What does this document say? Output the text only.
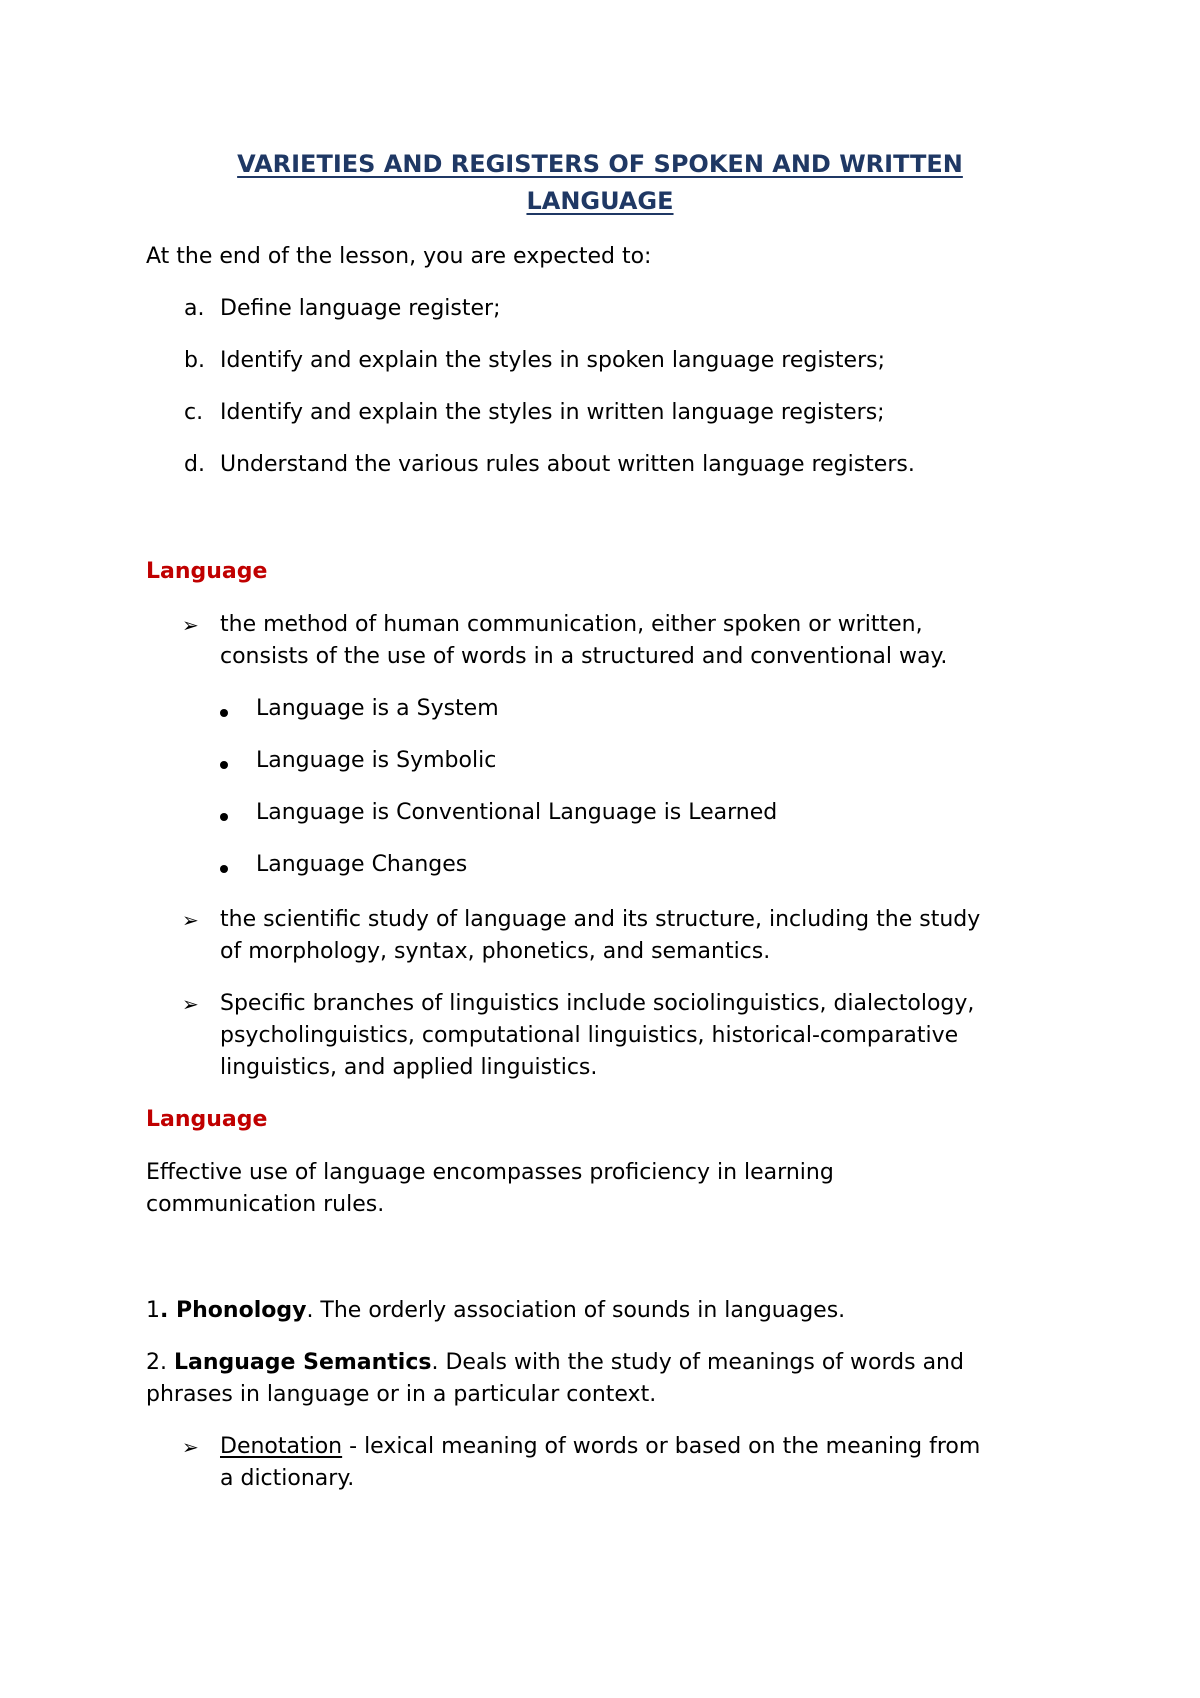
VARIETIES AND REGISTERS OF SPOKEN AND WRITTEN
LANGUAGE
At the end of the lesson, you are expected to:
a. Define language register;
b. Identify and explain the styles in spoken language registers;
c. Identify and explain the styles in written language registers;
d. Understand the various rules about written language registers.
Language
➢ the method of human communication, either spoken or written,
consists of the use of words in a structured and conventional way.
Language is a System
Language is Symbolic
Language is Conventional Language is Learned
Language Changes
➢ the scientific study of language and its structure, including the study
of morphology, syntax, phonetics, and semantics.
➢ Specific branches of linguistics include sociolinguistics, dialectology,
psycholinguistics, computational linguistics, historical-comparative
linguistics, and applied linguistics.
Language
Effective use of language encompasses proficiency in learning
communication rules.
1. Phonology. The orderly association of sounds in languages.
2. Language Semantics. Deals with the study of meanings of words and
phrases in language or in a particular context.
➢ Denotation - lexical meaning of words or based on the meaning from
a dictionary.
